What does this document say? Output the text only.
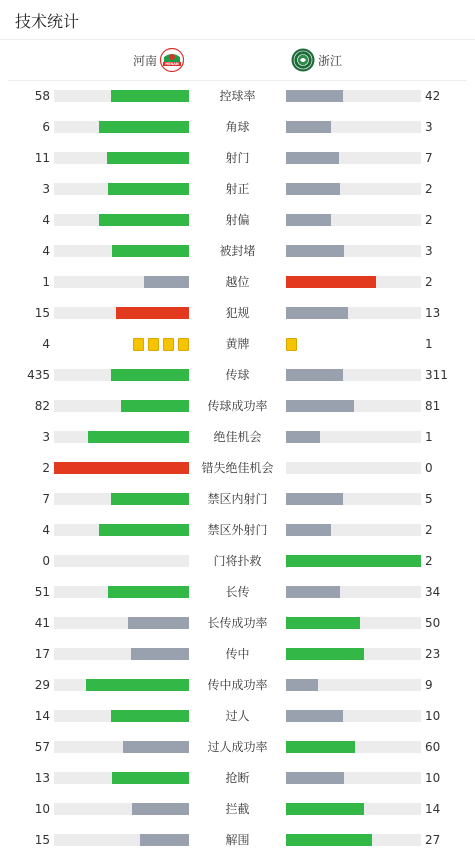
技术统计
河南 HENAN	浙江
58	控球率	42
6	角球	3
11	射门	7
3	射正	2
4	射偏	2
4	被封堵	3
1	越位	2
15	犯规	13
4	黄牌	1
435	传球	311
82	传球成功率	81
3	绝佳机会	1
2	错失绝佳机会	0
7	禁区内射门	5
4	禁区外射门	2
0	门将扑救	2
51	长传	34
41	长传成功率	50
17	传中	23
29	传中成功率	9
14	过人	10
57	过人成功率	60
13	抢断	10
10	拦截	14
15	解围	27
